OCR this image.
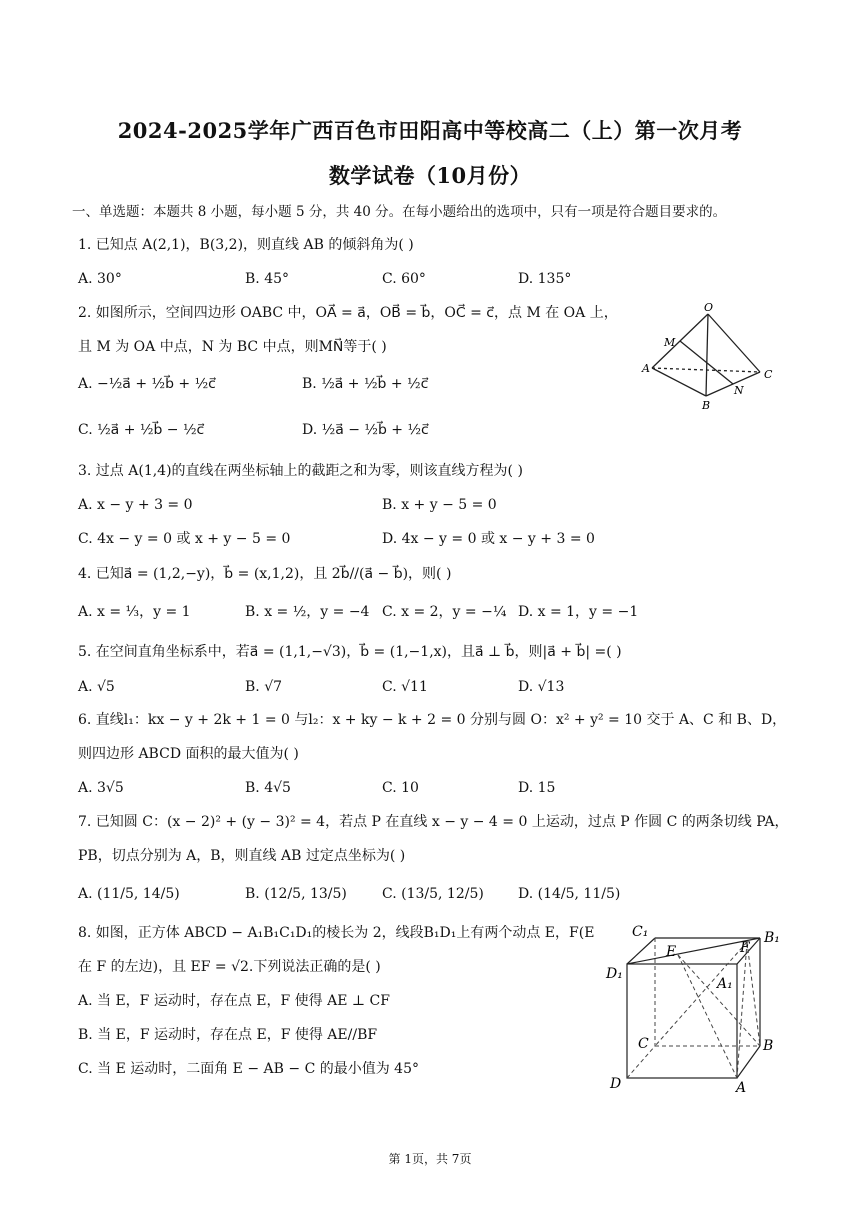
2024-2025学年广西百色市田阳高中等校高二（上）第一次月考
数学试卷（10月份）
一、单选题：本题共 8 小题，每小题 5 分，共 40 分。在每小题给出的选项中，只有一项是符合题目要求的。
1. 已知点 A(2,1)，B(3,2)，则直线 AB 的倾斜角为( )
A. 30°	B. 45°	C. 60°	D. 135°
2. 如图所示，空间四边形 OABC 中，OA⃗ = a⃗，OB⃗ = b⃗，OC⃗ = c⃗，点 M 在 OA 上，
且 M 为 OA 中点，N 为 BC 中点，则MN⃗等于( )
A. −½a⃗ + ½b⃗ + ½c⃗	B. ½a⃗ + ½b⃗ + ½c⃗
C. ½a⃗ + ½b⃗ − ½c⃗	D. ½a⃗ − ½b⃗ + ½c⃗
O
M
A	C
N
B
3. 过点 A(1,4)的直线在两坐标轴上的截距之和为零，则该直线方程为( )
A. x − y + 3 = 0	B. x + y − 5 = 0
C. 4x − y = 0 或 x + y − 5 = 0	D. 4x − y = 0 或 x − y + 3 = 0
4. 已知a⃗ = (1,2,−y)，b⃗ = (x,1,2)，且 2b⃗//(a⃗ − b⃗)，则( )
A. x = ⅓，y = 1	B. x = ½，y = −4 C. x = 2，y = −¼ D. x = 1，y = −1
5. 在空间直角坐标系中，若a⃗ = (1,1,−√3)，b⃗ = (1,−1,x)，且a⃗ ⊥ b⃗，则|a⃗ + b⃗| =( )
A. √5	B. √7	C. √11	D. √13
6. 直线l₁：kx − y + 2k + 1 = 0 与l₂：x + ky − k + 2 = 0 分别与圆 O：x² + y² = 10 交于 A、C 和 B、D，
则四边形 ABCD 面积的最大值为( )
A. 3√5	B. 4√5	C. 10	D. 15
7. 已知圆 C：(x − 2)² + (y − 3)² = 4，若点 P 在直线 x − y − 4 = 0 上运动，过点 P 作圆 C 的两条切线 PA，
PB，切点分别为 A，B，则直线 AB 过定点坐标为( )
A. (11/5, 14/5)	B. (12/5, 13/5)	C. (13/5, 12/5) D. (14/5, 11/5)
8. 如图，正方体 ABCD − A₁B₁C₁D₁的棱长为 2，线段B₁D₁上有两个动点 E，F(E
在 F 的左边)，且 EF = √2.下列说法正确的是( )
A. 当 E，F 运动时，存在点 E，F 使得 AE ⊥ CF
B. 当 E，F 运动时，存在点 E，F 使得 AE//BF
C. 当 E 运动时，二面角 E − AB − C 的最小值为 45°
C₁
E	F
B₁
D₁
A₁
C	B
D	A
第 1页，共 7页
